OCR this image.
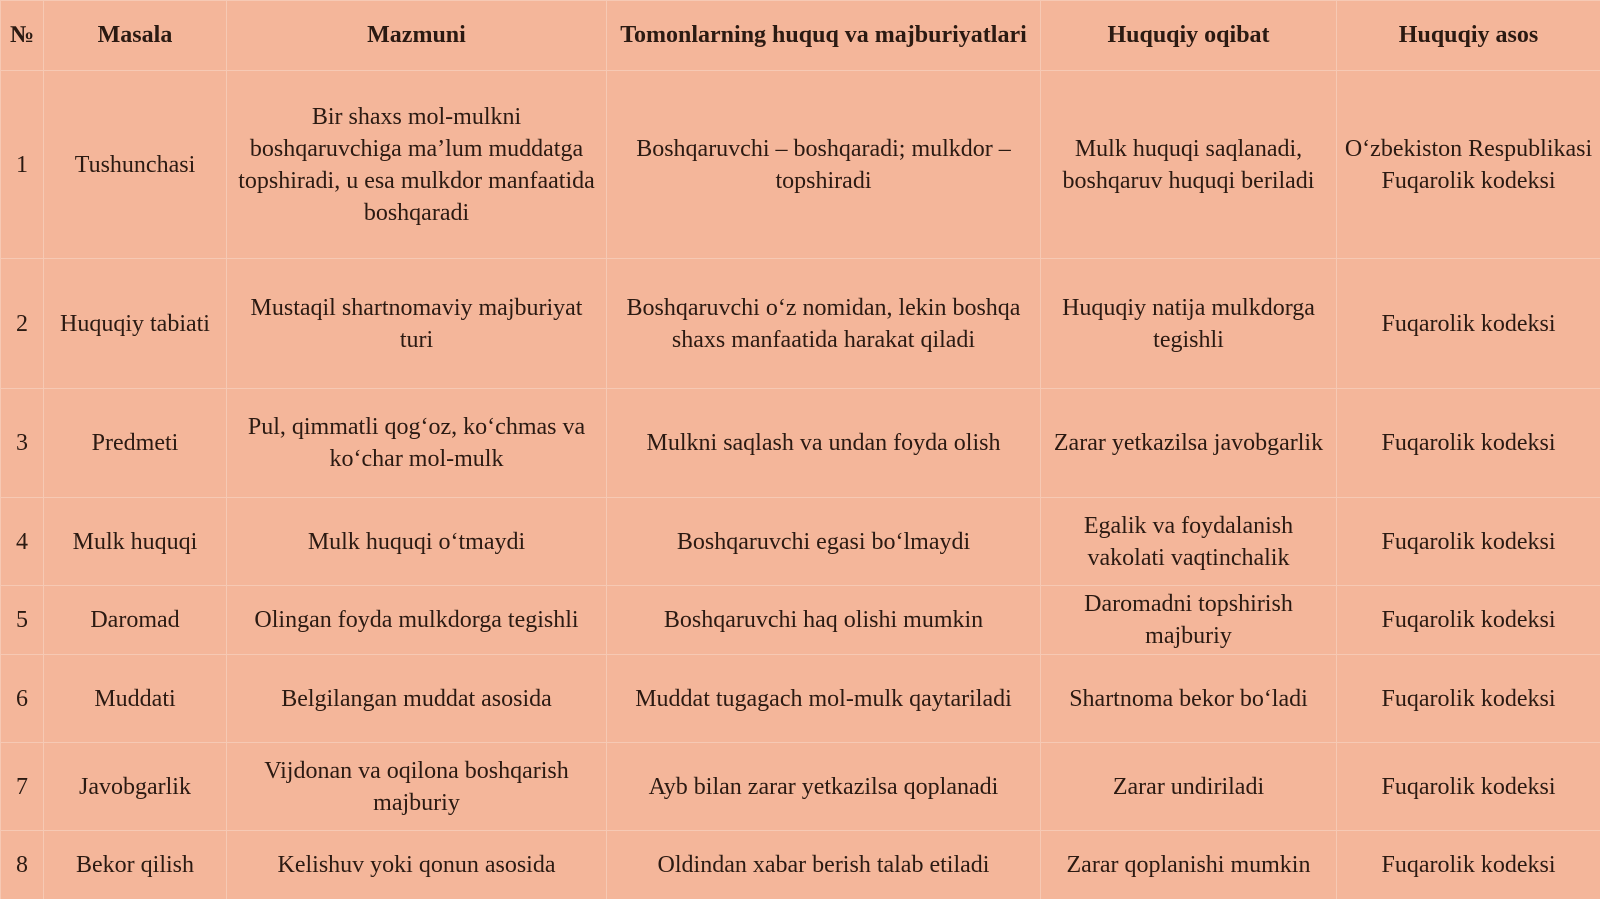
№	Masala	Mazmuni	Tomonlarning huquq va majburiyatlari	Huquqiy oqibat	Huquqiy asos
1	Tushunchasi	Bir shaxs mol-mulkni boshqaruvchiga ma’lum muddatga topshiradi, u esa mulkdor manfaatida boshqaradi	Boshqaruvchi – boshqaradi; mulkdor – topshiradi	Mulk huquqi saqlanadi, boshqaruv huquqi beriladi	O‘zbekiston Respublikasi Fuqarolik kodeksi
2	Huquqiy tabiati	Mustaqil shartnomaviy majburiyat turi	Boshqaruvchi o‘z nomidan, lekin boshqa shaxs manfaatida harakat qiladi	Huquqiy natija mulkdorga tegishli	Fuqarolik kodeksi
3	Predmeti	Pul, qimmatli qog‘oz, ko‘chmas va ko‘char mol-mulk	Mulkni saqlash va undan foyda olish	Zarar yetkazilsa javobgarlik	Fuqarolik kodeksi
4	Mulk huquqi	Mulk huquqi o‘tmaydi	Boshqaruvchi egasi bo‘lmaydi	Egalik va foydalanish vakolati vaqtinchalik	Fuqarolik kodeksi
5	Daromad	Olingan foyda mulkdorga tegishli	Boshqaruvchi haq olishi mumkin	Daromadni topshirish majburiy	Fuqarolik kodeksi
6	Muddati	Belgilangan muddat asosida	Muddat tugagach mol-mulk qaytariladi	Shartnoma bekor bo‘ladi	Fuqarolik kodeksi
7	Javobgarlik	Vijdonan va oqilona boshqarish majburiy	Ayb bilan zarar yetkazilsa qoplanadi	Zarar undiriladi	Fuqarolik kodeksi
8	Bekor qilish	Kelishuv yoki qonun asosida	Oldindan xabar berish talab etiladi	Zarar qoplanishi mumkin	Fuqarolik kodeksi
